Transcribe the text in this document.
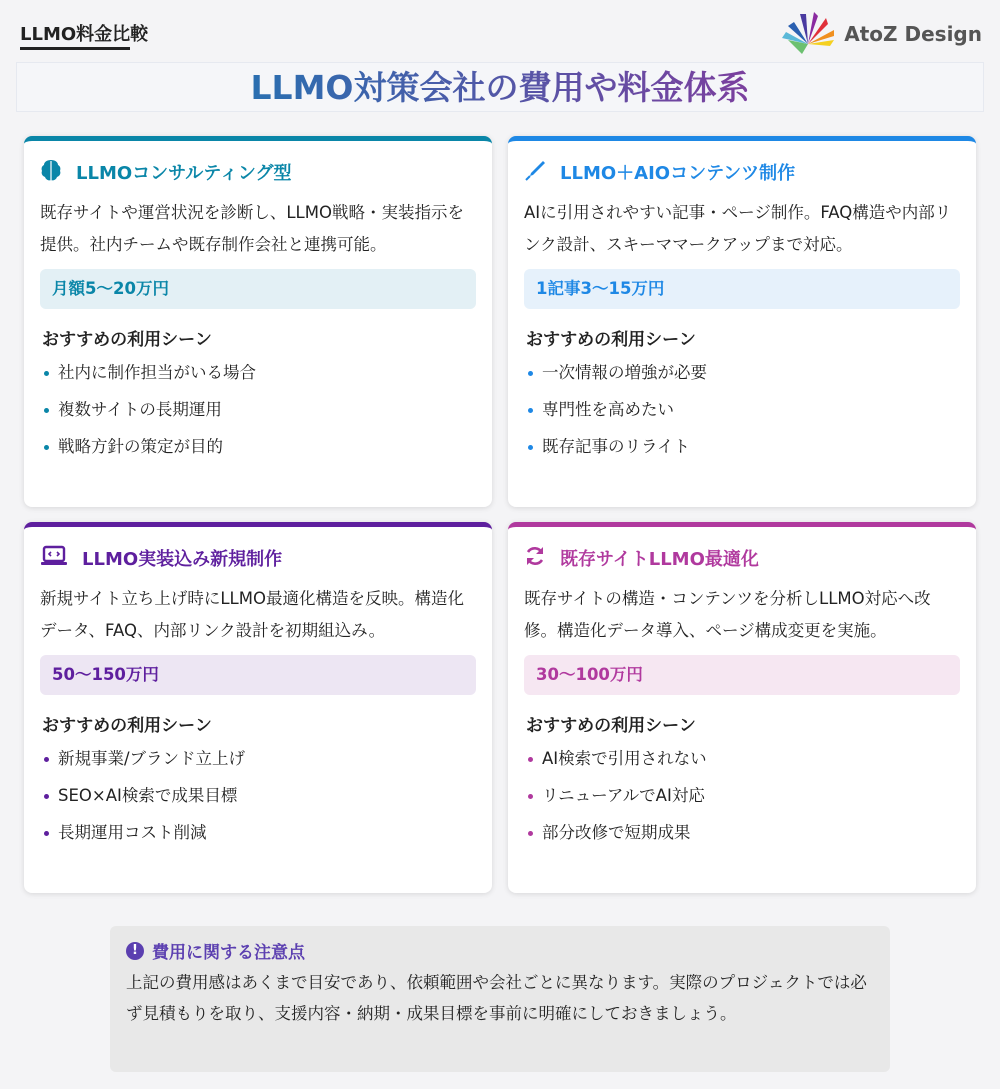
LLMO料金比較	AtoZ Design
LLMO対策会社の費用や料金体系
LLMOコンサルティング型
既存サイトや運営状況を診断し、LLMO戦略・実装指示を提供。社内チームや既存制作会社と連携可能。
月額5〜20万円
おすすめの利用シーン
社内に制作担当がいる場合
複数サイトの長期運用
戦略方針の策定が目的
LLMO＋AIOコンテンツ制作
AIに引用されやすい記事・ページ制作。FAQ構造や内部リンク設計、スキーママークアップまで対応。
1記事3〜15万円
おすすめの利用シーン
一次情報の増強が必要
専門性を高めたい
既存記事のリライト
LLMO実装込み新規制作
新規サイト立ち上げ時にLLMO最適化構造を反映。構造化データ、FAQ、内部リンク設計を初期組込み。
50〜150万円
おすすめの利用シーン
新規事業/ブランド立上げ
SEO×AI検索で成果目標
長期運用コスト削減
既存サイトLLMO最適化
既存サイトの構造・コンテンツを分析しLLMO対応へ改修。構造化データ導入、ページ構成変更を実施。
30〜100万円
おすすめの利用シーン
AI検索で引用されない
リニューアルでAI対応
部分改修で短期成果
! 費用に関する注意点
上記の費用感はあくまで目安であり、依頼範囲や会社ごとに異なります。実際のプロジェクトでは必ず見積もりを取り、支援内容・納期・成果目標を事前に明確にしておきましょう。
